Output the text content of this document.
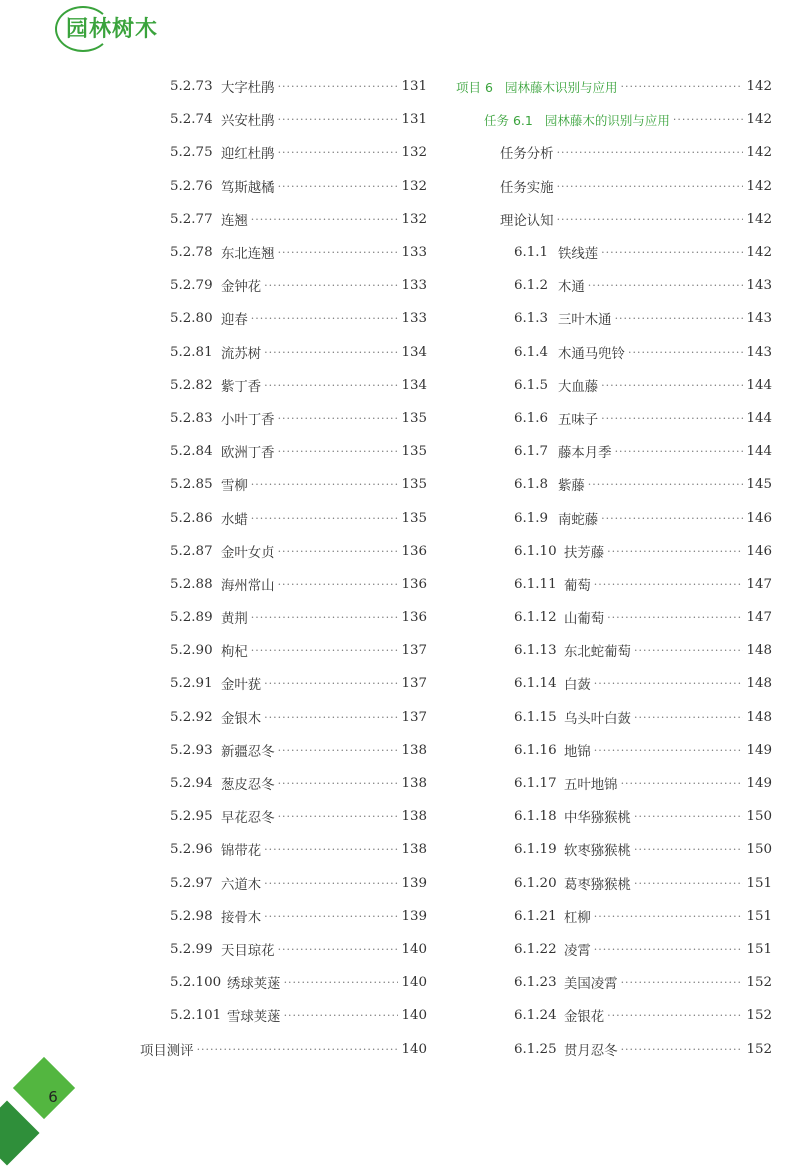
园林树木
5.2.73 大字杜鹃 ·····	131
5.2.74 兴安杜鹃 ·····	131
5.2.75 迎红杜鹃 ·····	132
5.2.76 笃斯越橘 ·····	132
5.2.77 连翘 ·····	132
5.2.78 东北连翘 ·····	133
5.2.79 金钟花 ·····	133
5.2.80 迎春 ·····	133
5.2.81 流苏树 ·····	134
5.2.82 紫丁香 ·····	134
5.2.83 小叶丁香 ·····	135
5.2.84 欧洲丁香 ·····	135
5.2.85 雪柳 ·····	135
5.2.86 水蜡 ·····	135
5.2.87 金叶女贞 ·····	136
5.2.88 海州常山 ·····	136
5.2.89 黄荆 ·····	136
5.2.90 枸杞 ·····	137
5.2.91 金叶莸 ·····	137
5.2.92 金银木 ·····	137
5.2.93 新疆忍冬 ·····	138
5.2.94 葱皮忍冬 ·····	138
5.2.95 早花忍冬 ·····	138
5.2.96 锦带花 ·····	138
5.2.97 六道木 ·····	139
5.2.98 接骨木 ·····	139
5.2.99 天目琼花 ·····	140
5.2.100 绣球荚蒾 ·····	140
5.2.101 雪球荚蒾 ·····	140
项目测评 ·····	140
项目 6 园林藤木识别与应用 ·····	142
任务 6.1 园林藤木的识别与应用 ·····	142
任务分析 ·····	142
任务实施 ·····	142
理论认知 ·····	142
6.1.1 铁线莲 ·····	142
6.1.2 木通 ·····	143
6.1.3 三叶木通 ·····	143
6.1.4 木通马兜铃 ·····	143
6.1.5 大血藤 ·····	144
6.1.6 五味子 ·····	144
6.1.7 藤本月季 ·····	144
6.1.8 紫藤 ·····	145
6.1.9 南蛇藤 ·····	146
6.1.10 扶芳藤 ·····	146
6.1.11 葡萄 ·····	147
6.1.12 山葡萄 ·····	147
6.1.13 东北蛇葡萄 ·····	148
6.1.14 白蔹 ·····	148
6.1.15 乌头叶白蔹 ·····	148
6.1.16 地锦 ·····	149
6.1.17 五叶地锦 ·····	149
6.1.18 中华猕猴桃 ·····	150
6.1.19 软枣猕猴桃 ·····	150
6.1.20 葛枣猕猴桃 ·····	151
6.1.21 杠柳 ·····	151
6.1.22 凌霄 ·····	151
6.1.23 美国凌霄 ·····	152
6.1.24 金银花 ·····	152
6.1.25 贯月忍冬 ·····	152
6
